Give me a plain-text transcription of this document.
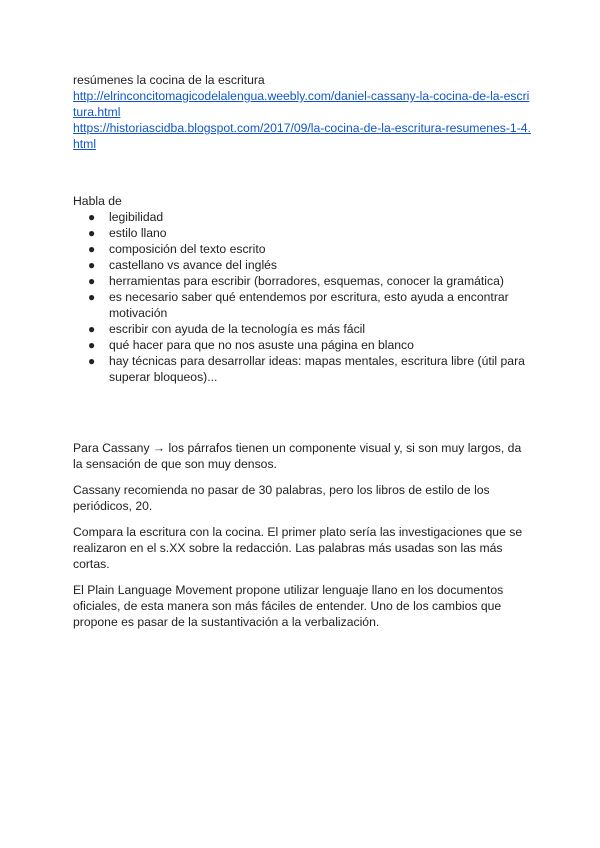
resúmenes la cocina de la escritura

http://elrinconcitomagicodelalengua.weebly.com/daniel-cassany-la-cocina-de-la-escri
tura.html

https://historiascidba.blogspot.com/2017/09/la-cocina-de-la-escritura-resumenes-1-4.
html

Habla de

● legibilidad
● estilo llano
● composición del texto escrito
● castellano vs avance del inglés
● herramientas para escribir (borradores, esquemas, conocer la gramática)
● es necesario saber qué entendemos por escritura, esto ayuda a encontrar motivación
● escribir con ayuda de la tecnología es más fácil
● qué hacer para que no nos asuste una página en blanco
● hay técnicas para desarrollar ideas: mapas mentales, escritura libre (útil para superar bloqueos)...

Para Cassany → los párrafos tienen un componente visual y, si son muy largos, da la sensación de que son muy densos.

Cassany recomienda no pasar de 30 palabras, pero los libros de estilo de los periódicos, 20.

Compara la escritura con la cocina. El primer plato sería las investigaciones que se realizaron en el s.XX sobre la redacción. Las palabras más usadas son las más cortas.

El Plain Language Movement propone utilizar lenguaje llano en los documentos oficiales, de esta manera son más fáciles de entender. Uno de los cambios que propone es pasar de la sustantivación a la verbalización.
